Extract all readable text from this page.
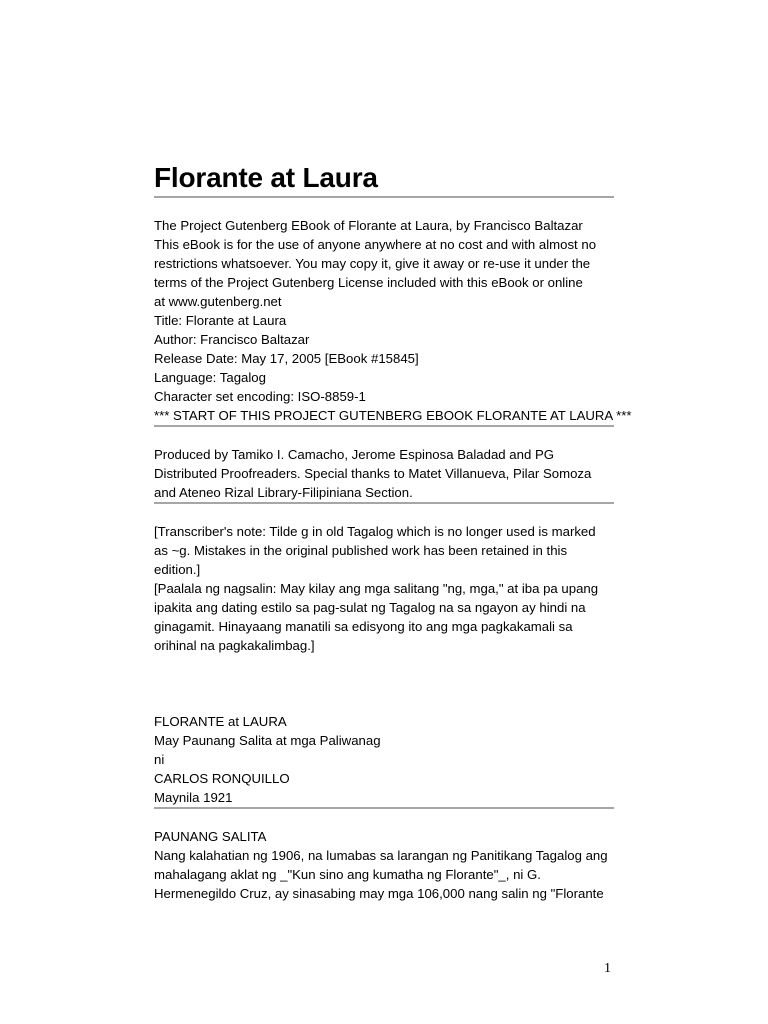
Florante at Laura

The Project Gutenberg EBook of Florante at Laura, by Francisco Baltazar

This eBook is for the use of anyone anywhere at no cost and with almost no

restrictions whatsoever. You may copy it, give it away or re-use it under the

terms of the Project Gutenberg License included with this eBook or online

at www.gutenberg.net

Title: Florante at Laura

Author: Francisco Baltazar

Release Date: May 17, 2005 [EBook #15845]

Language: Tagalog

Character set encoding: ISO-8859-1

*** START OF THIS PROJECT GUTENBERG EBOOK FLORANTE AT LAURA ***

Produced by Tamiko I. Camacho, Jerome Espinosa Baladad and PG

Distributed Proofreaders. Special thanks to Matet Villanueva, Pilar Somoza

and Ateneo Rizal Library-Filipiniana Section.

[Transcriber's note: Tilde g in old Tagalog which is no longer used is marked

as ~g. Mistakes in the original published work has been retained in this

edition.]

[Paalala ng nagsalin: May kilay ang mga salitang "ng, mga," at iba pa upang

ipakita ang dating estilo sa pag-sulat ng Tagalog na sa ngayon ay hindi na

ginagamit. Hinayaang manatili sa edisyong ito ang mga pagkakamali sa

orihinal na pagkakalimbag.]

FLORANTE at LAURA

May Paunang Salita at mga Paliwanag

ni

CARLOS RONQUILLO

Maynila 1921

PAUNANG SALITA

Nang kalahatian ng 1906, na lumabas sa larangan ng Panitikang Tagalog ang

mahalagang aklat ng _"Kun sino ang kumatha ng Florante"_, ni G.

Hermenegildo Cruz, ay sinasabing may mga 106,000 nang salin ng "Florante

1
